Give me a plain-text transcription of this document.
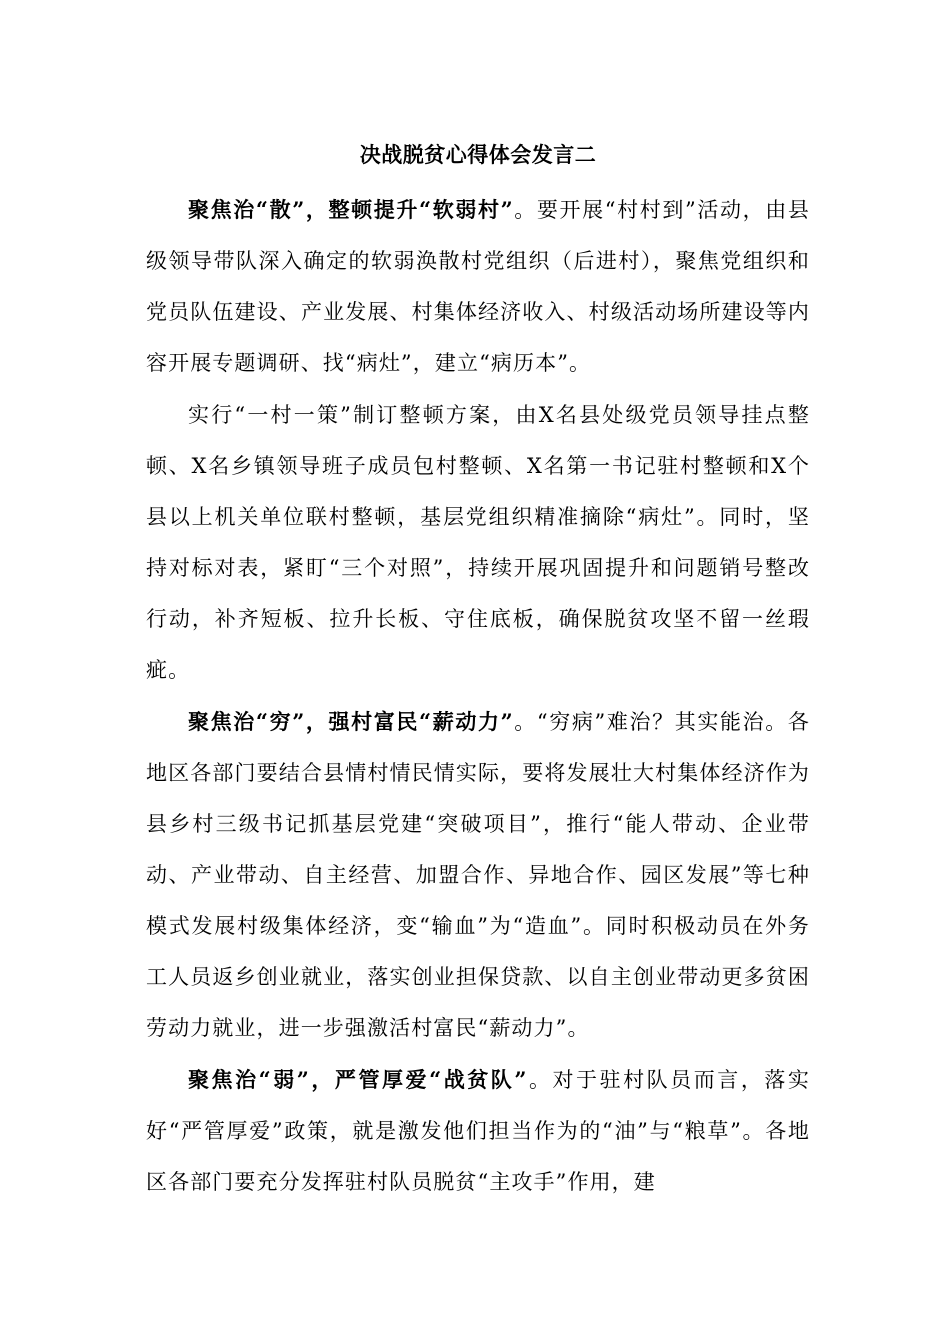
决战脱贫心得体会发言二

聚焦治“散”，整顿提升“软弱村”。要开展“村村到”活动，由县级领导带队深入确定的软弱涣散村党组织（后进村），聚焦党组织和党员队伍建设、产业发展、村集体经济收入、村级活动场所建设等内容开展专题调研、找“病灶”，建立“病历本”。

实行“一村一策”制订整顿方案，由X名县处级党员领导挂点整顿、X名乡镇领导班子成员包村整顿、X名第一书记驻村整顿和X个县以上机关单位联村整顿，基层党组织精准摘除“病灶”。同时，坚持对标对表，紧盯“三个对照”，持续开展巩固提升和问题销号整改行动，补齐短板、拉升长板、守住底板，确保脱贫攻坚不留一丝瑕疵。

聚焦治“穷”，强村富民“薪动力”。“穷病”难治？其实能治。各地区各部门要结合县情村情民情实际，要将发展壮大村集体经济作为县乡村三级书记抓基层党建“突破项目”，推行“能人带动、企业带动、产业带动、自主经营、加盟合作、异地合作、园区发展”等七种模式发展村级集体经济，变“输血”为“造血”。同时积极动员在外务工人员返乡创业就业，落实创业担保贷款、以自主创业带动更多贫困劳动力就业，进一步强激活村富民“薪动力”。

聚焦治“弱”，严管厚爱“战贫队”。对于驻村队员而言，落实好“严管厚爱”政策，就是激发他们担当作为的“油”与“粮草”。各地区各部门要充分发挥驻村队员脱贫“主攻手”作用，建
